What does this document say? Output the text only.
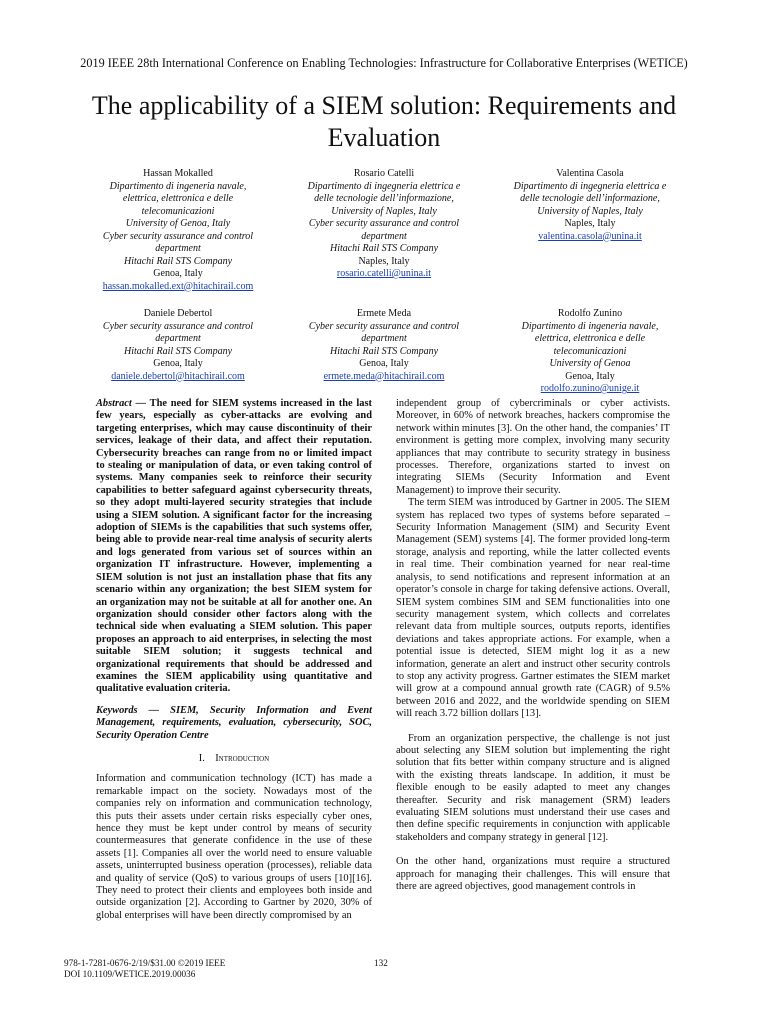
2019 IEEE 28th International Conference on Enabling Technologies: Infrastructure for Collaborative Enterprises (WETICE)
The applicability of a SIEM solution: Requirements and Evaluation
Hassan Mokalled
Dipartimento di ingeneria navale,
elettrica, elettronica e delle
telecomunicazioni
University of Genoa, Italy
Cyber security assurance and control
department
Hitachi Rail STS Company
Genoa, Italy
hassan.mokalled.ext@hitachirail.com
Rosario Catelli
Dipartimento di ingegneria elettrica e
delle tecnologie dell’informazione,
University of Naples, Italy
Cyber security assurance and control
department
Hitachi Rail STS Company
Naples, Italy
rosario.catelli@unina.it
Valentina Casola
Dipartimento di ingegneria elettrica e
delle tecnologie dell’informazione,
University of Naples, Italy
Naples, Italy
valentina.casola@unina.it
Daniele Debertol
Cyber security assurance and control
department
Hitachi Rail STS Company
Genoa, Italy
daniele.debertol@hitachirail.com
Ermete Meda
Cyber security assurance and control
department
Hitachi Rail STS Company
Genoa, Italy
ermete.meda@hitachirail.com
Rodolfo Zunino
Dipartimento di ingeneria navale,
elettrica, elettronica e delle
telecomunicazioni
University of Genoa
Genoa, Italy
rodolfo.zunino@unige.it

Abstract — The need for SIEM systems increased in the last few years, especially as cyber-attacks are evolving and targeting enterprises, which may cause discontinuity of their services, leakage of their data, and affect their reputation. Cybersecurity breaches can range from no or limited impact to stealing or manipulation of data, or even taking control of systems. Many companies seek to reinforce their security capabilities to better safeguard against cybersecurity threats, so they adopt multi-layered security strategies that include using a SIEM solution. A significant factor for the increasing adoption of SIEMs is the capabilities that such systems offer, being able to provide near-real time analysis of security alerts and logs generated from various set of sources within an organization IT infrastructure. However, implementing a SIEM solution is not just an installation phase that fits any scenario within any organization; the best SIEM system for an organization may not be suitable at all for another one. An organization should consider other factors along with the technical side when evaluating a SIEM solution. This paper proposes an approach to aid enterprises, in selecting the most suitable SIEM solution; it suggests technical and organizational requirements that should be addressed and examines the SIEM applicability using quantitative and qualitative evaluation criteria.

Keywords — SIEM, Security Information and Event Management, requirements, evaluation, cybersecurity, SOC, Security Operation Centre

I. Introduction

Information and communication technology (ICT) has made a remarkable impact on the society. Nowadays most of the companies rely on information and communication technology, this puts their assets under certain risks especially cyber ones, hence they must be kept under control by means of security countermeasures that generate confidence in the use of these assets [1]. Companies all over the world need to ensure valuable assets, uninterrupted business operation (processes), reliable data and quality of service (QoS) to various groups of users [10][16]. They need to protect their clients and employees both inside and outside organization [2]. According to Gartner by 2020, 30% of global enterprises will have been directly compromised by an

independent group of cybercriminals or cyber activists. Moreover, in 60% of network breaches, hackers compromise the network within minutes [3]. On the other hand, the companies’ IT environment is getting more complex, involving many security appliances that may contribute to security strategy in business processes. Therefore, organizations started to invest on integrating SIEMs (Security Information and Event Management) to improve their security.

The term SIEM was introduced by Gartner in 2005. The SIEM system has replaced two types of systems before separated – Security Information Management (SIM) and Security Event Management (SEM) systems [4]. The former provided long-term storage, analysis and reporting, while the latter collected events in real time. Their combination yearned for near real-time analysis, to send notifications and represent information at an operator’s console in charge for taking defensive actions. Overall, SIEM system combines SIM and SEM functionalities into one security management system, which collects and correlates relevant data from multiple sources, outputs reports, identifies deviations and takes appropriate actions. For example, when a potential issue is detected, SIEM might log it as a new information, generate an alert and instruct other security controls to stop any activity progress. Gartner estimates the SIEM market will grow at a compound annual growth rate (CAGR) of 9.5% between 2016 and 2022, and the worldwide spending on SIEM will reach 3.72 billion dollars [13].

From an organization perspective, the challenge is not just about selecting any SIEM solution but implementing the right solution that fits better within company structure and is aligned with the existing threats landscape. In addition, it must be flexible enough to be easily adapted to meet any changes thereafter. Security and risk management (SRM) leaders evaluating SIEM solutions must understand their use cases and then define specific requirements in conjunction with applicable stakeholders and company strategy in general [12].

On the other hand, organizations must require a structured approach for managing their challenges. This will ensure that there are agreed objectives, good management controls in

978-1-7281-0676-2/19/$31.00 ©2019 IEEE
DOI 10.1109/WETICE.2019.00036
132
